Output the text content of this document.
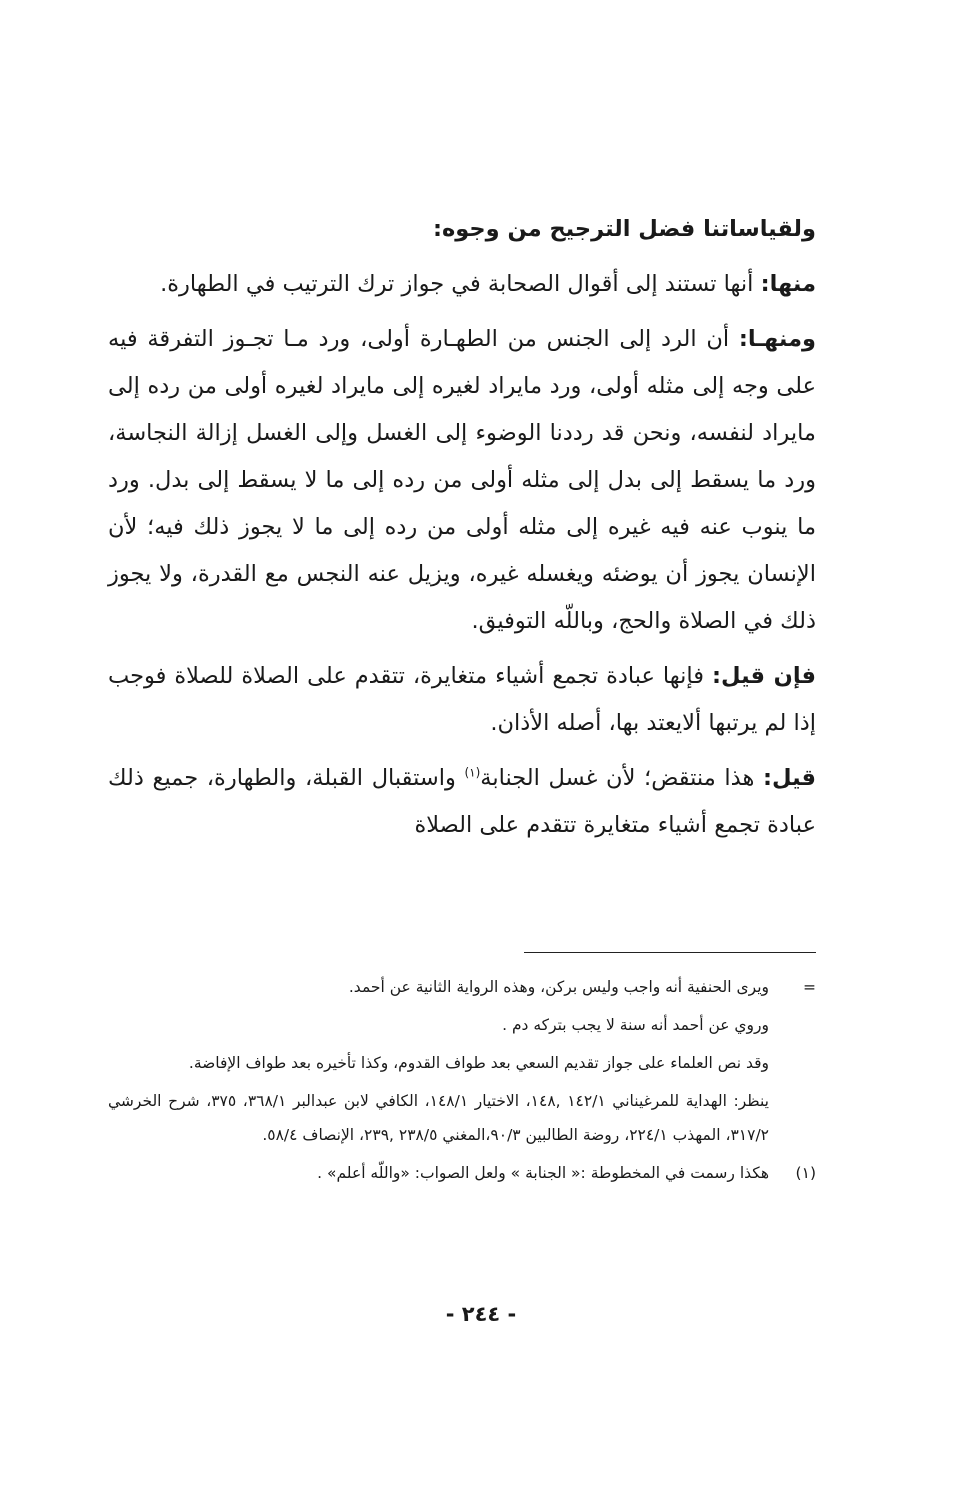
ولقياساتنا فضل الترجيح من وجوه:

منها: أنها تستند إلى أقوال الصحابة في جواز ترك الترتيب في الطهارة.

ومنهـا: أن الرد إلى الجنس من الطهـارة أولى، ورد مـا تجـوز التفرقة فيه على وجه إلى مثله أولى، ورد مايراد لغيره إلى مايراد لغيره أولى من رده إلى مايراد لنفسه، ونحن قد رددنا الوضوء إلى الغسل وإلى الغسل إزالة النجاسة، ورد ما يسقط إلى بدل إلى مثله أولى من رده إلى ما لا يسقط إلى بدل. ورد ما ينوب عنه فيه غيره إلى مثله أولى من رده إلى ما لا يجوز ذلك فيه؛ لأن الإنسان يجوز أن يوضئه ويغسله غيره، ويزيل عنه النجس مع القدرة، ولا يجوز ذلك في الصلاة والحج، وباللّه التوفيق.

فإن قيل: فإنها عبادة تجمع أشياء متغايرة، تتقدم على الصلاة للصلاة فوجب إذا لم يرتبها ألايعتد بها، أصله الأذان.

قيل: هذا منتقض؛ لأن غسل الجنابة$^{(١)}$ واستقبال القبلة، والطهارة، جميع ذلك عبادة تجمع أشياء متغايرة تتقدم على الصلاة

=

ويرى الحنفية أنه واجب وليس بركن، وهذه الرواية الثانية عن أحمد.

وروي عن أحمد أنه سنة لا يجب بتركه دم .

وقد نص العلماء على جواز تقديم السعي بعد طواف القدوم، وكذا تأخيره بعد طواف الإفاضة.

ينظر: الهداية للمرغيناني ١٤٢/١ ,١٤٨، الاختيار ١٤٨/١، الكافي لابن عبدالبر ٣٦٨/١، ٣٧٥، شرح الخرشي ٣١٧/٢، المهذب ٢٢٤/١، روضة الطالبين ٩٠/٣،المغني ٢٣٨/٥ ,٢٣٩، الإنصاف ٥٨/٤.

(١)

هكذا رسمت في المخطوطة :« الجنابة » ولعل الصواب: «واللّه أعلم» .

- ٢٤٤ -
